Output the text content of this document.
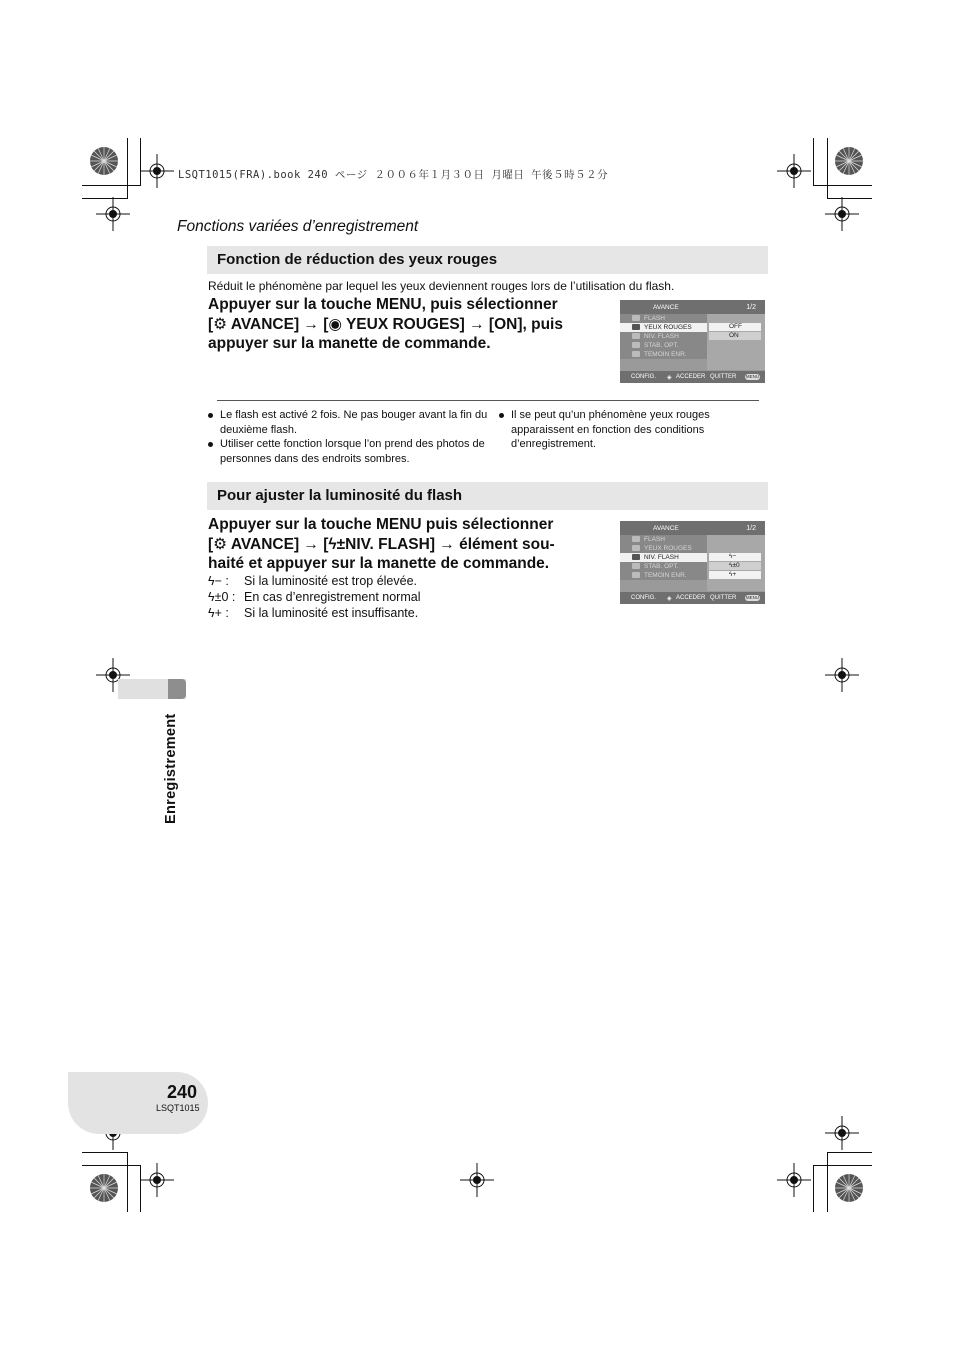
LSQT1015(FRA).book 240 ページ ２００６年１月３０日 月曜日 午後５時５２分
Fonctions variées d’enregistrement
Fonction de réduction des yeux rouges
Réduit le phénomène par lequel les yeux deviennent rouges lors de l’utilisation du flash.
Appuyer sur la touche MENU, puis sélectionner
[⚙ AVANCE] → [◉ YEUX ROUGES] → [ON], puis
appuyer sur la manette de commande.
AVANCE	1/2
FLASH
YEUX ROUGES
NIV. FLASH
STAB. OPT.
TEMOIN ENR.
OFF
ON
CONFIG. ◈ ACCEDER QUITTER MENU
Le flash est activé 2 fois. Ne pas bouger avant la fin du deuxième flash.
Utiliser cette fonction lorsque l’on prend des photos de personnes dans des endroits sombres.
Il se peut qu’un phénomène yeux rouges apparaissent en fonction des conditions d’enregistrement.
Pour ajuster la luminosité du flash
Appuyer sur la touche MENU puis sélectionner
[⚙ AVANCE] → [ϟ±NIV. FLASH] → élément sou-
haité et appuyer sur la manette de commande.
ϟ− : Si la luminosité est trop élevée.
ϟ±0 : En cas d’enregistrement normal
ϟ+ : Si la luminosité est insuffisante.
AVANCE	1/2
FLASH
YEUX ROUGES
NIV. FLASH
STAB. OPT.
TEMOIN ENR.
ϟ−
ϟ±0
ϟ+
CONFIG. ◈ ACCEDER QUITTER MENU
Enregistrement
240
LSQT1015
